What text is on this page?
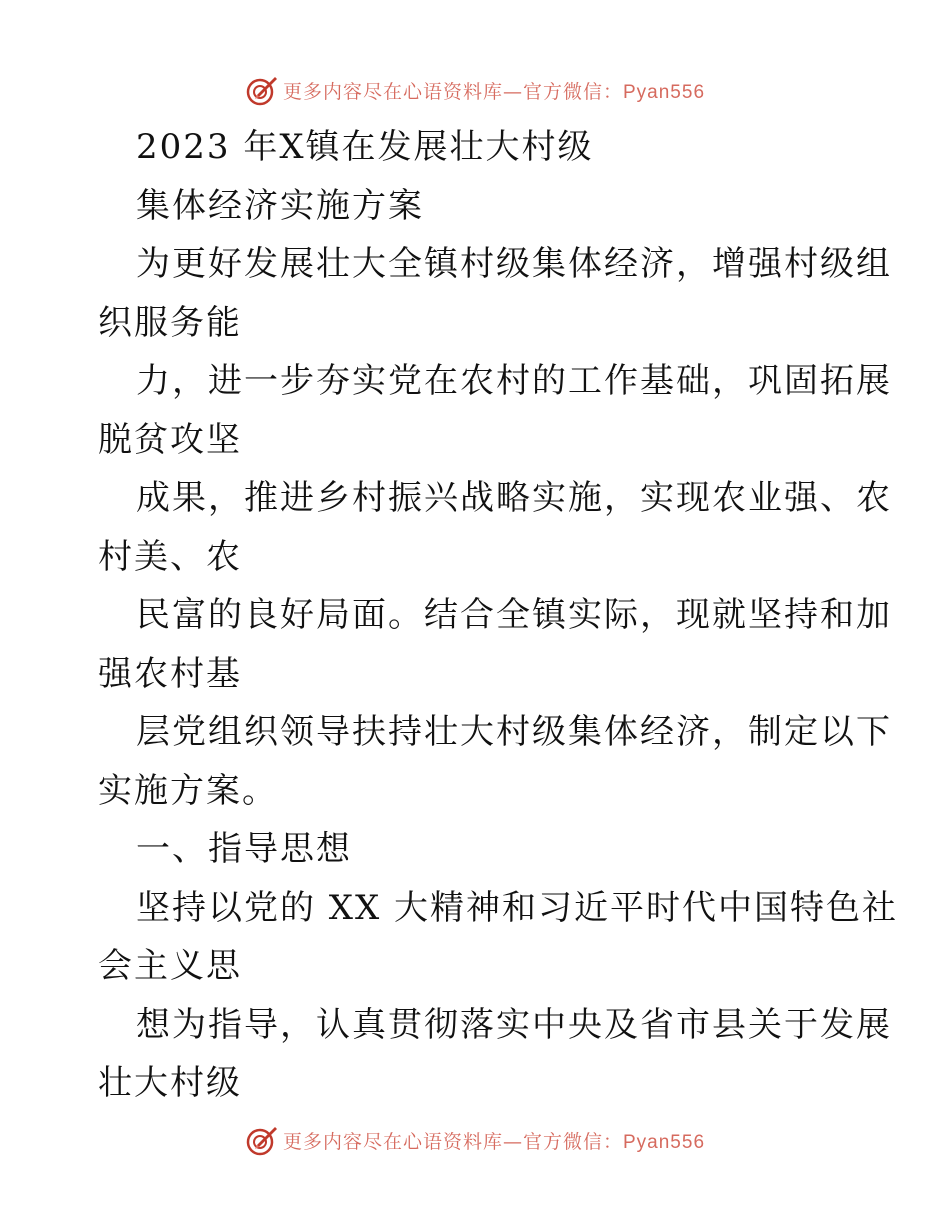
更多内容尽在心语资料库—官方微信：Pyan556
2023 年X镇在发展壮大村级
集体经济实施方案
为更好发展壮大全镇村级集体经济，增强村级组
织服务能
力，进一步夯实党在农村的工作基础，巩固拓展
脱贫攻坚
成果，推进乡村振兴战略实施，实现农业强、农
村美、农
民富的良好局面。结合全镇实际，现就坚持和加
强农村基
层党组织领导扶持壮大村级集体经济，制定以下
实施方案。
一、指导思想
坚持以党的 XX 大精神和习近平时代中国特色社
会主义思
想为指导，认真贯彻落实中央及省市县关于发展
壮大村级
更多内容尽在心语资料库—官方微信：Pyan556
